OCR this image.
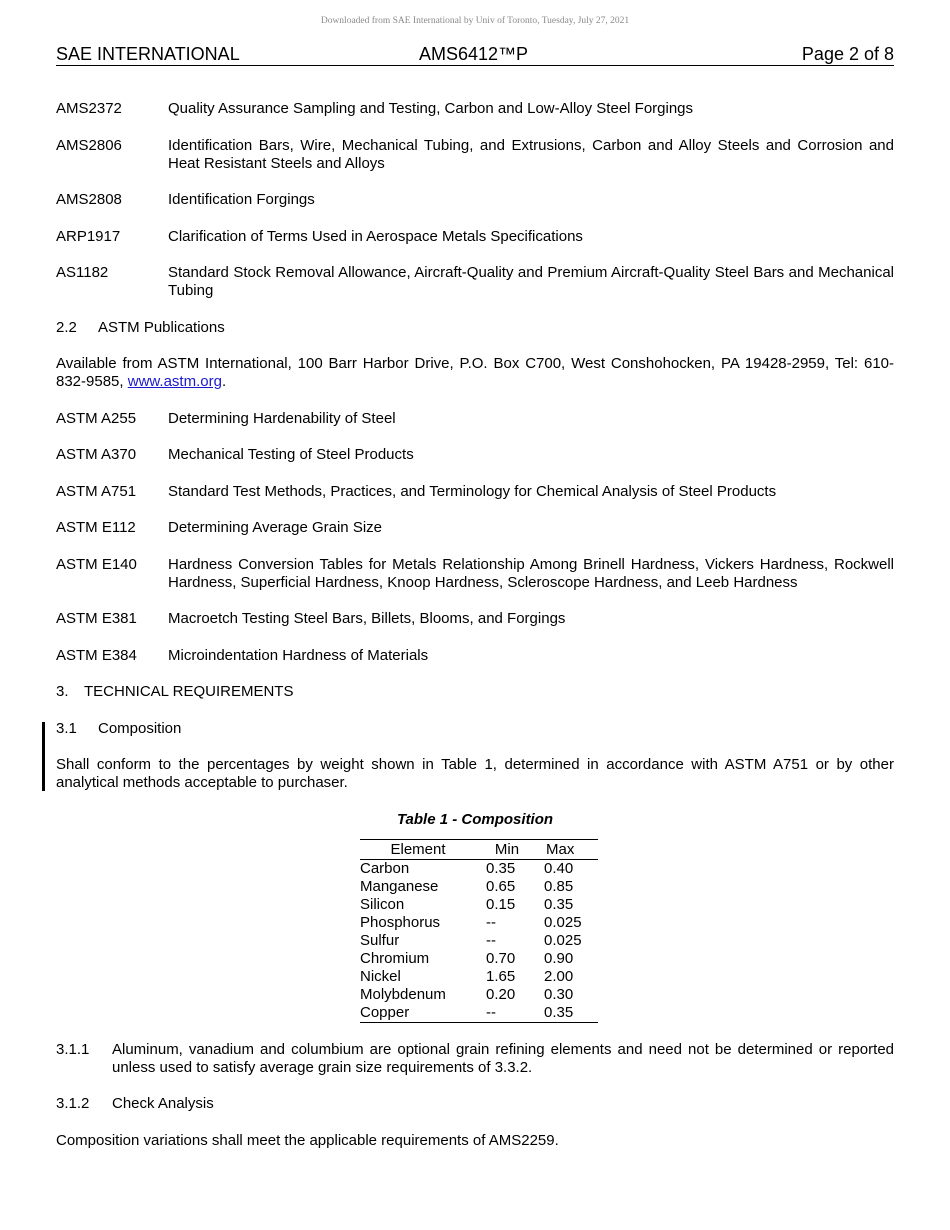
Downloaded from SAE International by Univ of Toronto, Tuesday, July 27, 2021
SAE INTERNATIONAL	AMS6412™P	Page 2 of 8
AMS2372	Quality Assurance Sampling and Testing, Carbon and Low-Alloy Steel Forgings
AMS2806	Identification Bars, Wire, Mechanical Tubing, and Extrusions, Carbon and Alloy Steels and Corrosion and Heat Resistant Steels and Alloys
AMS2808	Identification Forgings
ARP1917	Clarification of Terms Used in Aerospace Metals Specifications
AS1182	Standard Stock Removal Allowance, Aircraft-Quality and Premium Aircraft-Quality Steel Bars and Mechanical Tubing
2.2	ASTM Publications
Available from ASTM International, 100 Barr Harbor Drive, P.O. Box C700, West Conshohocken, PA 19428-2959, Tel: 610-832-9585, www.astm.org.
ASTM A255	Determining Hardenability of Steel
ASTM A370	Mechanical Testing of Steel Products
ASTM A751	Standard Test Methods, Practices, and Terminology for Chemical Analysis of Steel Products
ASTM E112	Determining Average Grain Size
ASTM E140	Hardness Conversion Tables for Metals Relationship Among Brinell Hardness, Vickers Hardness, Rockwell Hardness, Superficial Hardness, Knoop Hardness, Scleroscope Hardness, and Leeb Hardness
ASTM E381	Macroetch Testing Steel Bars, Billets, Blooms, and Forgings
ASTM E384	Microindentation Hardness of Materials
3.	TECHNICAL REQUIREMENTS
3.1	Composition
Shall conform to the percentages by weight shown in Table 1, determined in accordance with ASTM A751 or by other analytical methods acceptable to purchaser.
Table 1 - Composition
Element	Min	Max
Carbon	0.35	0.40
Manganese	0.65	0.85
Silicon	0.15	0.35
Phosphorus	--	0.025
Sulfur	--	0.025
Chromium	0.70	0.90
Nickel	1.65	2.00
Molybdenum	0.20	0.30
Copper	--	0.35
3.1.1	Aluminum, vanadium and columbium are optional grain refining elements and need not be determined or reported unless used to satisfy average grain size requirements of 3.3.2.
3.1.2	Check Analysis
Composition variations shall meet the applicable requirements of AMS2259.
